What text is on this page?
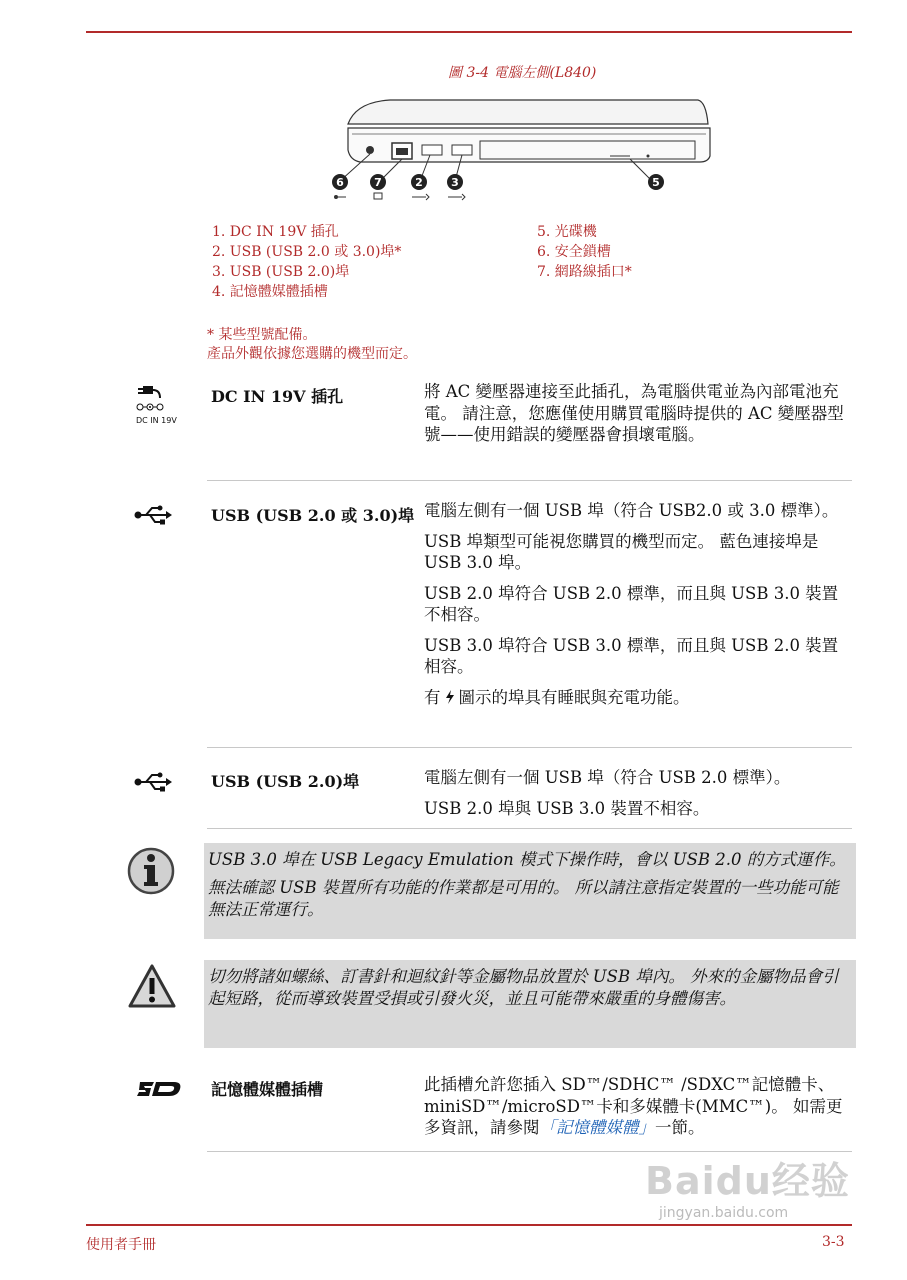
圖 3-4 電腦左側(L840)
6	7	2	3	5
1. DC IN 19V 插孔
2. USB (USB 2.0 或 3.0)埠*
3. USB (USB 2.0)埠
4. 記憶體媒體插槽
5. 光碟機
6. 安全鎖槽
7. 網路線插口*
* 某些型號配備。
產品外觀依據您選購的機型而定。
DC IN 19V
DC IN 19V 插孔	將 AC 變壓器連接至此插孔，為電腦供電並為內部電池充電。 請注意，您應僅使用購買電腦時提供的 AC 變壓器型號——使用錯誤的變壓器會損壞電腦。

USB (USB 2.0 或 3.0)埠 電腦左側有一個 USB 埠（符合 USB2.0 或 3.0 標準）。

USB 埠類型可能視您購買的機型而定。 藍色連接埠是 USB 3.0 埠。

USB 2.0 埠符合 USB 2.0 標準，而且與 USB 3.0 裝置不相容。

USB 3.0 埠符合 USB 3.0 標準，而且與 USB 2.0 裝置相容。

有 圖示的埠具有睡眠與充電功能。

USB (USB 2.0)埠	電腦左側有一個 USB 埠（符合 USB 2.0 標準）。

USB 2.0 埠與 USB 3.0 裝置不相容。

USB 3.0 埠在 USB Legacy Emulation 模式下操作時，會以 USB 2.0 的方式運作。

無法確認 USB 裝置所有功能的作業都是可用的。 所以請注意指定裝置的一些功能可能無法正常運行。

切勿將諸如螺絲、訂書針和迴紋針等金屬物品放置於 USB 埠內。 外來的金屬物品會引起短路，從而導致裝置受損或引發火災，並且可能帶來嚴重的身體傷害。

記憶體媒體插槽	此插槽允許您插入 SD™/SDHC™ /SDXC™記憶體卡、miniSD™/microSD™卡和多媒體卡(MMC™)。 如需更多資訊，請參閱「記憶體媒體」一節。

Baidu经验
jingyan.baidu.com
使用者手冊	3-3
